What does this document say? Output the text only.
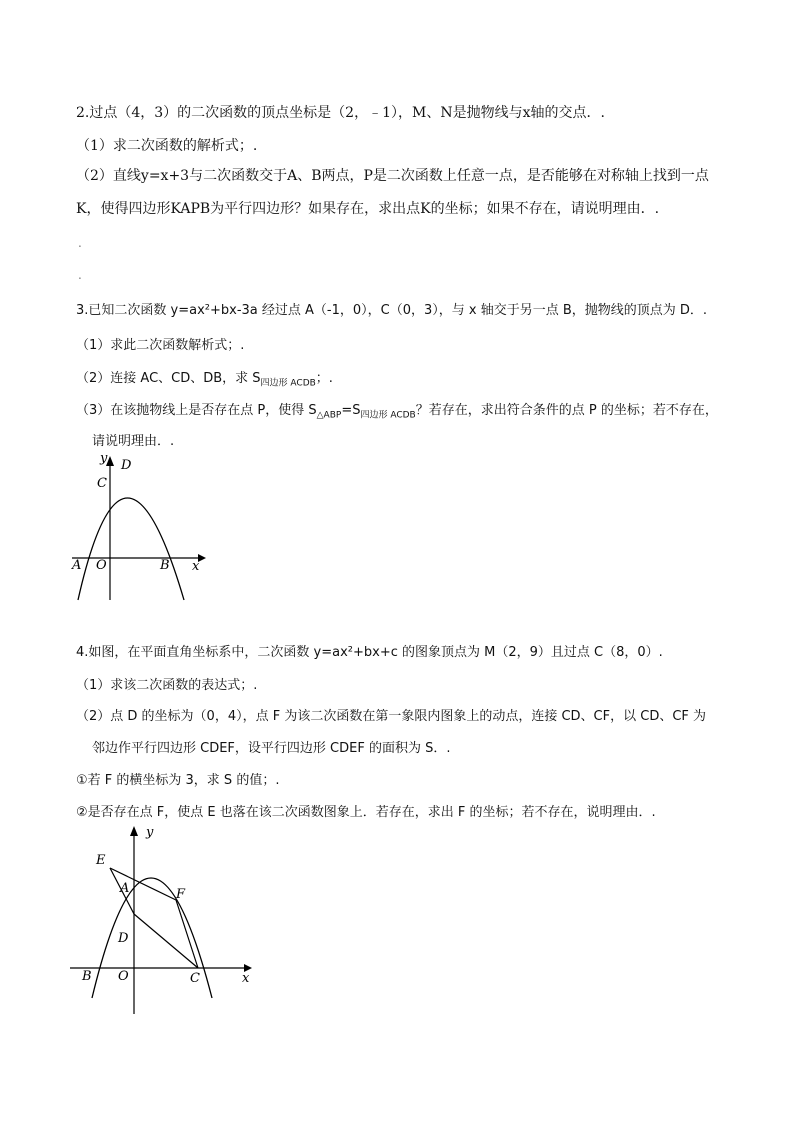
2.过点（4，3）的二次函数的顶点坐标是（2，﹣1），M、N是抛物线与x轴的交点．.
（1）求二次函数的解析式；.
（2）直线y=x+3与二次函数交于A、B两点，P是二次函数上任意一点，是否能够在对称轴上找到一点
K，使得四边形KAPB为平行四边形？如果存在，求出点K的坐标；如果不存在，请说明理由．.
.
.
3.已知二次函数 y=ax²+bx-3a 经过点 A（-1，0），C（0，3），与 x 轴交于另一点 B，抛物线的顶点为 D．.
（1）求此二次函数解析式；.
（2）连接 AC、CD、DB，求 $S_{四边形 ACDB}$；.
（3）在该抛物线上是否存在点 P，使得 $S_{\triangle ABP}=S_{四边形 ACDB}$？若存在，求出符合条件的点 P 的坐标；若不存在，
请说明理由．.
y
x
D
C
A O	B
4.如图，在平面直角坐标系中，二次函数 y=ax²+bx+c 的图象顶点为 M（2，9）且过点 C（8，0）.
（1）求该二次函数的表达式；.
（2）点 D 的坐标为（0，4），点 F 为该二次函数在第一象限内图象上的动点，连接 CD、CF，以 CD、CF 为
邻边作平行四边形 CDEF，设平行四边形 CDEF 的面积为 S．.
①若 F 的横坐标为 3，求 S 的值；.
②是否存在点 F，使点 E 也落在该二次函数图象上．若存在，求出 F 的坐标；若不存在，说明理由．.
y
x
E
A	F
D
B O	C
